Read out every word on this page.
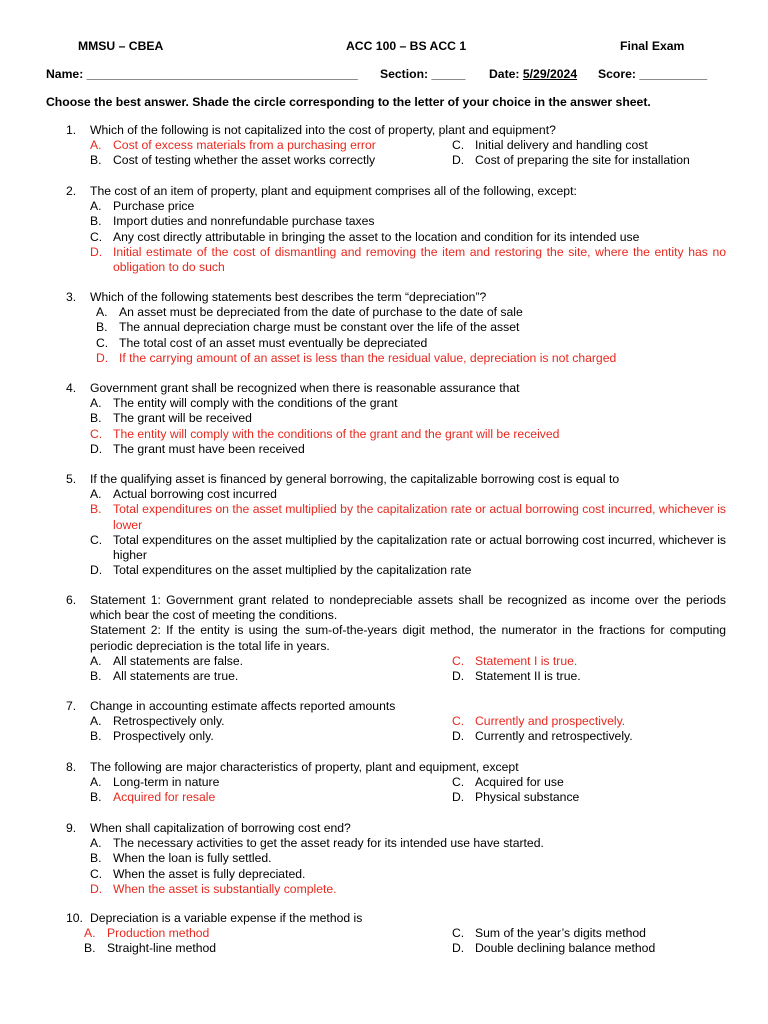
MMSU – CBEA	ACC 100 – BS ACC 1	Final Exam
Name: ________________________________________ Section: _____ Date: 5/29/2024 Score: __________
Choose the best answer. Shade the circle corresponding to the letter of your choice in the answer sheet.
1.	Which of the following is not capitalized into the cost of property, plant and equipment?
A. Cost of excess materials from a purchasing error	C. Initial delivery and handling cost
B. Cost of testing whether the asset works correctly	D. Cost of preparing the site for installation
2.	The cost of an item of property, plant and equipment comprises all of the following, except:
A. Purchase price
B. Import duties and nonrefundable purchase taxes
C. Any cost directly attributable in bringing the asset to the location and condition for its intended use
D. Initial estimate of the cost of dismantling and removing the item and restoring the site, where the entity has no obligation to do such
3.	Which of the following statements best describes the term “depreciation”?
A. An asset must be depreciated from the date of purchase to the date of sale
B. The annual depreciation charge must be constant over the life of the asset
C. The total cost of an asset must eventually be depreciated
D. If the carrying amount of an asset is less than the residual value, depreciation is not charged
4.	Government grant shall be recognized when there is reasonable assurance that
A. The entity will comply with the conditions of the grant
B. The grant will be received
C. The entity will comply with the conditions of the grant and the grant will be received
D. The grant must have been received
5.	If the qualifying asset is financed by general borrowing, the capitalizable borrowing cost is equal to
A. Actual borrowing cost incurred
B. Total expenditures on the asset multiplied by the capitalization rate or actual borrowing cost incurred, whichever is lower
C. Total expenditures on the asset multiplied by the capitalization rate or actual borrowing cost incurred, whichever is higher
D. Total expenditures on the asset multiplied by the capitalization rate
6.	Statement 1: Government grant related to nondepreciable assets shall be recognized as income over the periods which bear the cost of meeting the conditions.

Statement 2: If the entity is using the sum-of-the-years digit method, the numerator in the fractions for computing periodic depreciation is the total life in years.

A. All statements are false.	C. Statement I is true.
B. All statements are true.	D. Statement II is true.
7.	Change in accounting estimate affects reported amounts
A. Retrospectively only.	C. Currently and prospectively.
B. Prospectively only.	D. Currently and retrospectively.
8.	The following are major characteristics of property, plant and equipment, except
A. Long-term in nature	C. Acquired for use
B. Acquired for resale	D. Physical substance
9.	When shall capitalization of borrowing cost end?
A. The necessary activities to get the asset ready for its intended use have started.
B. When the loan is fully settled.
C. When the asset is fully depreciated.
D. When the asset is substantially complete.
10. Depreciation is a variable expense if the method is
A. Production method	C. Sum of the year’s digits method
B. Straight-line method	D. Double declining balance method
